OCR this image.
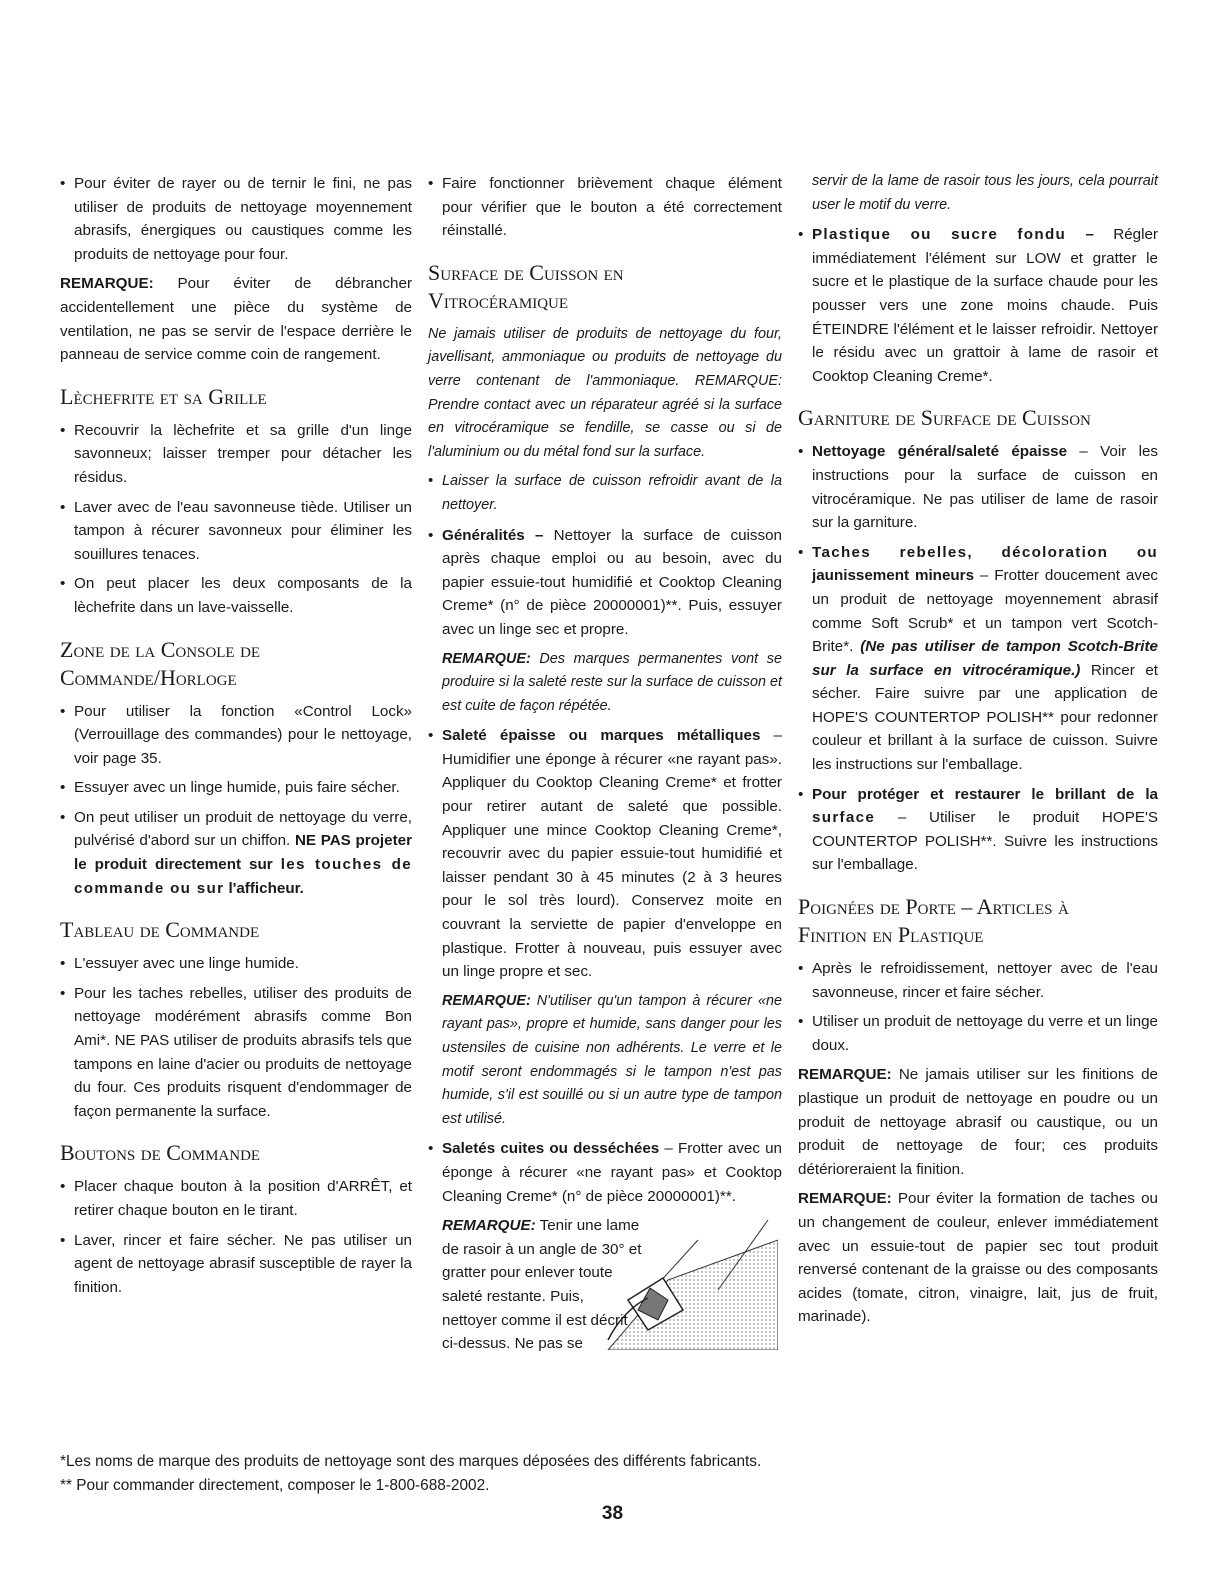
• Pour éviter de rayer ou de ternir le fini, ne pas utiliser de produits de nettoyage moyennement abrasifs, énergiques ou caustiques comme les produits de nettoyage pour four.

REMARQUE: Pour éviter de débrancher accidentellement une pièce du système de ventilation, ne pas se servir de l'espace derrière le panneau de service comme coin de rangement.

Lèchefrite et sa Grille

• Recouvrir la lèchefrite et sa grille d'un linge savonneux; laisser tremper pour détacher les résidus.

• Laver avec de l'eau savonneuse tiède. Utiliser un tampon à récurer savonneux pour éliminer les souillures tenaces.

• On peut placer les deux composants de la lèchefrite dans un lave-vaisselle.

Zone de la Console de
Commande/Horloge

• Pour utiliser la fonction «Control Lock» (Verrouillage des commandes) pour le nettoyage, voir page 35.

• Essuyer avec un linge humide, puis faire sécher.

• On peut utiliser un produit de nettoyage du verre, pulvérisé d'abord sur un chiffon. NE PAS projeter le produit directement sur les touches de commande ou sur l'afficheur.

Tableau de Commande

• L'essuyer avec une linge humide.

• Pour les taches rebelles, utiliser des produits de nettoyage modérément abrasifs comme Bon Ami*. NE PAS utiliser de produits abrasifs tels que tampons en laine d'acier ou produits de nettoyage du four. Ces produits risquent d'endommager de façon permanente la surface.

Boutons de Commande

• Placer chaque bouton à la position d'ARRÊT, et retirer chaque bouton en le tirant.

• Laver, rincer et faire sécher. Ne pas utiliser un agent de nettoyage abrasif susceptible de rayer la finition.

• Faire fonctionner brièvement chaque élément pour vérifier que le bouton a été correctement réinstallé.

Surface de Cuisson en
Vitrocéramique

Ne jamais utiliser de produits de nettoyage du four, javellisant, ammoniaque ou produits de nettoyage du verre contenant de l'ammoniaque. REMARQUE: Prendre contact avec un réparateur agréé si la surface en vitrocéramique se fendille, se casse ou si de l'aluminium ou du métal fond sur la surface.

• Laisser la surface de cuisson refroidir avant de la nettoyer.

• Généralités – Nettoyer la surface de cuisson après chaque emploi ou au besoin, avec du papier essuie-tout humidifié et Cooktop Cleaning Creme* (n° de pièce 20000001)**. Puis, essuyer avec un linge sec et propre.

REMARQUE: Des marques permanentes vont se produire si la saleté reste sur la surface de cuisson et est cuite de façon répétée.

• Saleté épaisse ou marques métalliques – Humidifier une éponge à récurer «ne rayant pas». Appliquer du Cooktop Cleaning Creme* et frotter pour retirer autant de saleté que possible. Appliquer une mince Cooktop Cleaning Creme*, recouvrir avec du papier essuie-tout humidifié et laisser pendant 30 à 45 minutes (2 à 3 heures pour le sol très lourd). Conservez moite en couvrant la serviette de papier d'enveloppe en plastique. Frotter à nouveau, puis essuyer avec un linge propre et sec.

REMARQUE: N'utiliser qu'un tampon à récurer «ne rayant pas», propre et humide, sans danger pour les ustensiles de cuisine non adhérents. Le verre et le motif seront endommagés si le tampon n'est pas humide, s'il est souillé ou si un autre type de tampon est utilisé.

• Saletés cuites ou desséchées – Frotter avec un éponge à récurer «ne rayant pas» et Cooktop Cleaning Creme* (n° de pièce 20000001)**.

REMARQUE: Tenir une lame de rasoir à un angle de 30° et gratter pour enlever toute saleté restante. Puis, nettoyer comme il est décrit ci-dessus. Ne pas se

servir de la lame de rasoir tous les jours, cela pourrait user le motif du verre.

• Plastique ou sucre fondu – Régler immédiatement l'élément sur LOW et gratter le sucre et le plastique de la surface chaude pour les pousser vers une zone moins chaude. Puis ÉTEINDRE l'élément et le laisser refroidir. Nettoyer le résidu avec un grattoir à lame de rasoir et Cooktop Cleaning Creme*.

Garniture de Surface de Cuisson

• Nettoyage général/saleté épaisse – Voir les instructions pour la surface de cuisson en vitrocéramique. Ne pas utiliser de lame de rasoir sur la garniture.

• Taches rebelles, décoloration ou jaunissement mineurs – Frotter doucement avec un produit de nettoyage moyennement abrasif comme Soft Scrub* et un tampon vert Scotch-Brite*. (Ne pas utiliser de tampon Scotch-Brite sur la surface en vitrocéramique.) Rincer et sécher. Faire suivre par une application de HOPE'S COUNTERTOP POLISH** pour redonner couleur et brillant à la surface de cuisson. Suivre les instructions sur l'emballage.

• Pour protéger et restaurer le brillant de la surface – Utiliser le produit HOPE'S COUNTERTOP POLISH**. Suivre les instructions sur l'emballage.

Poignées de Porte – Articles à
Finition en Plastique

• Après le refroidissement, nettoyer avec de l'eau savonneuse, rincer et faire sécher.

• Utiliser un produit de nettoyage du verre et un linge doux.

REMARQUE: Ne jamais utiliser sur les finitions de plastique un produit de nettoyage en poudre ou un produit de nettoyage abrasif ou caustique, ou un produit de nettoyage de four; ces produits détérioreraient la finition.

REMARQUE: Pour éviter la formation de taches ou un changement de couleur, enlever immédiatement avec un essuie-tout de papier sec tout produit renversé contenant de la graisse ou des composants acides (tomate, citron, vinaigre, lait, jus de fruit, marinade).

*Les noms de marque des produits de nettoyage sont des marques déposées des différents fabricants.
** Pour commander directement, composer le 1-800-688-2002.
38
